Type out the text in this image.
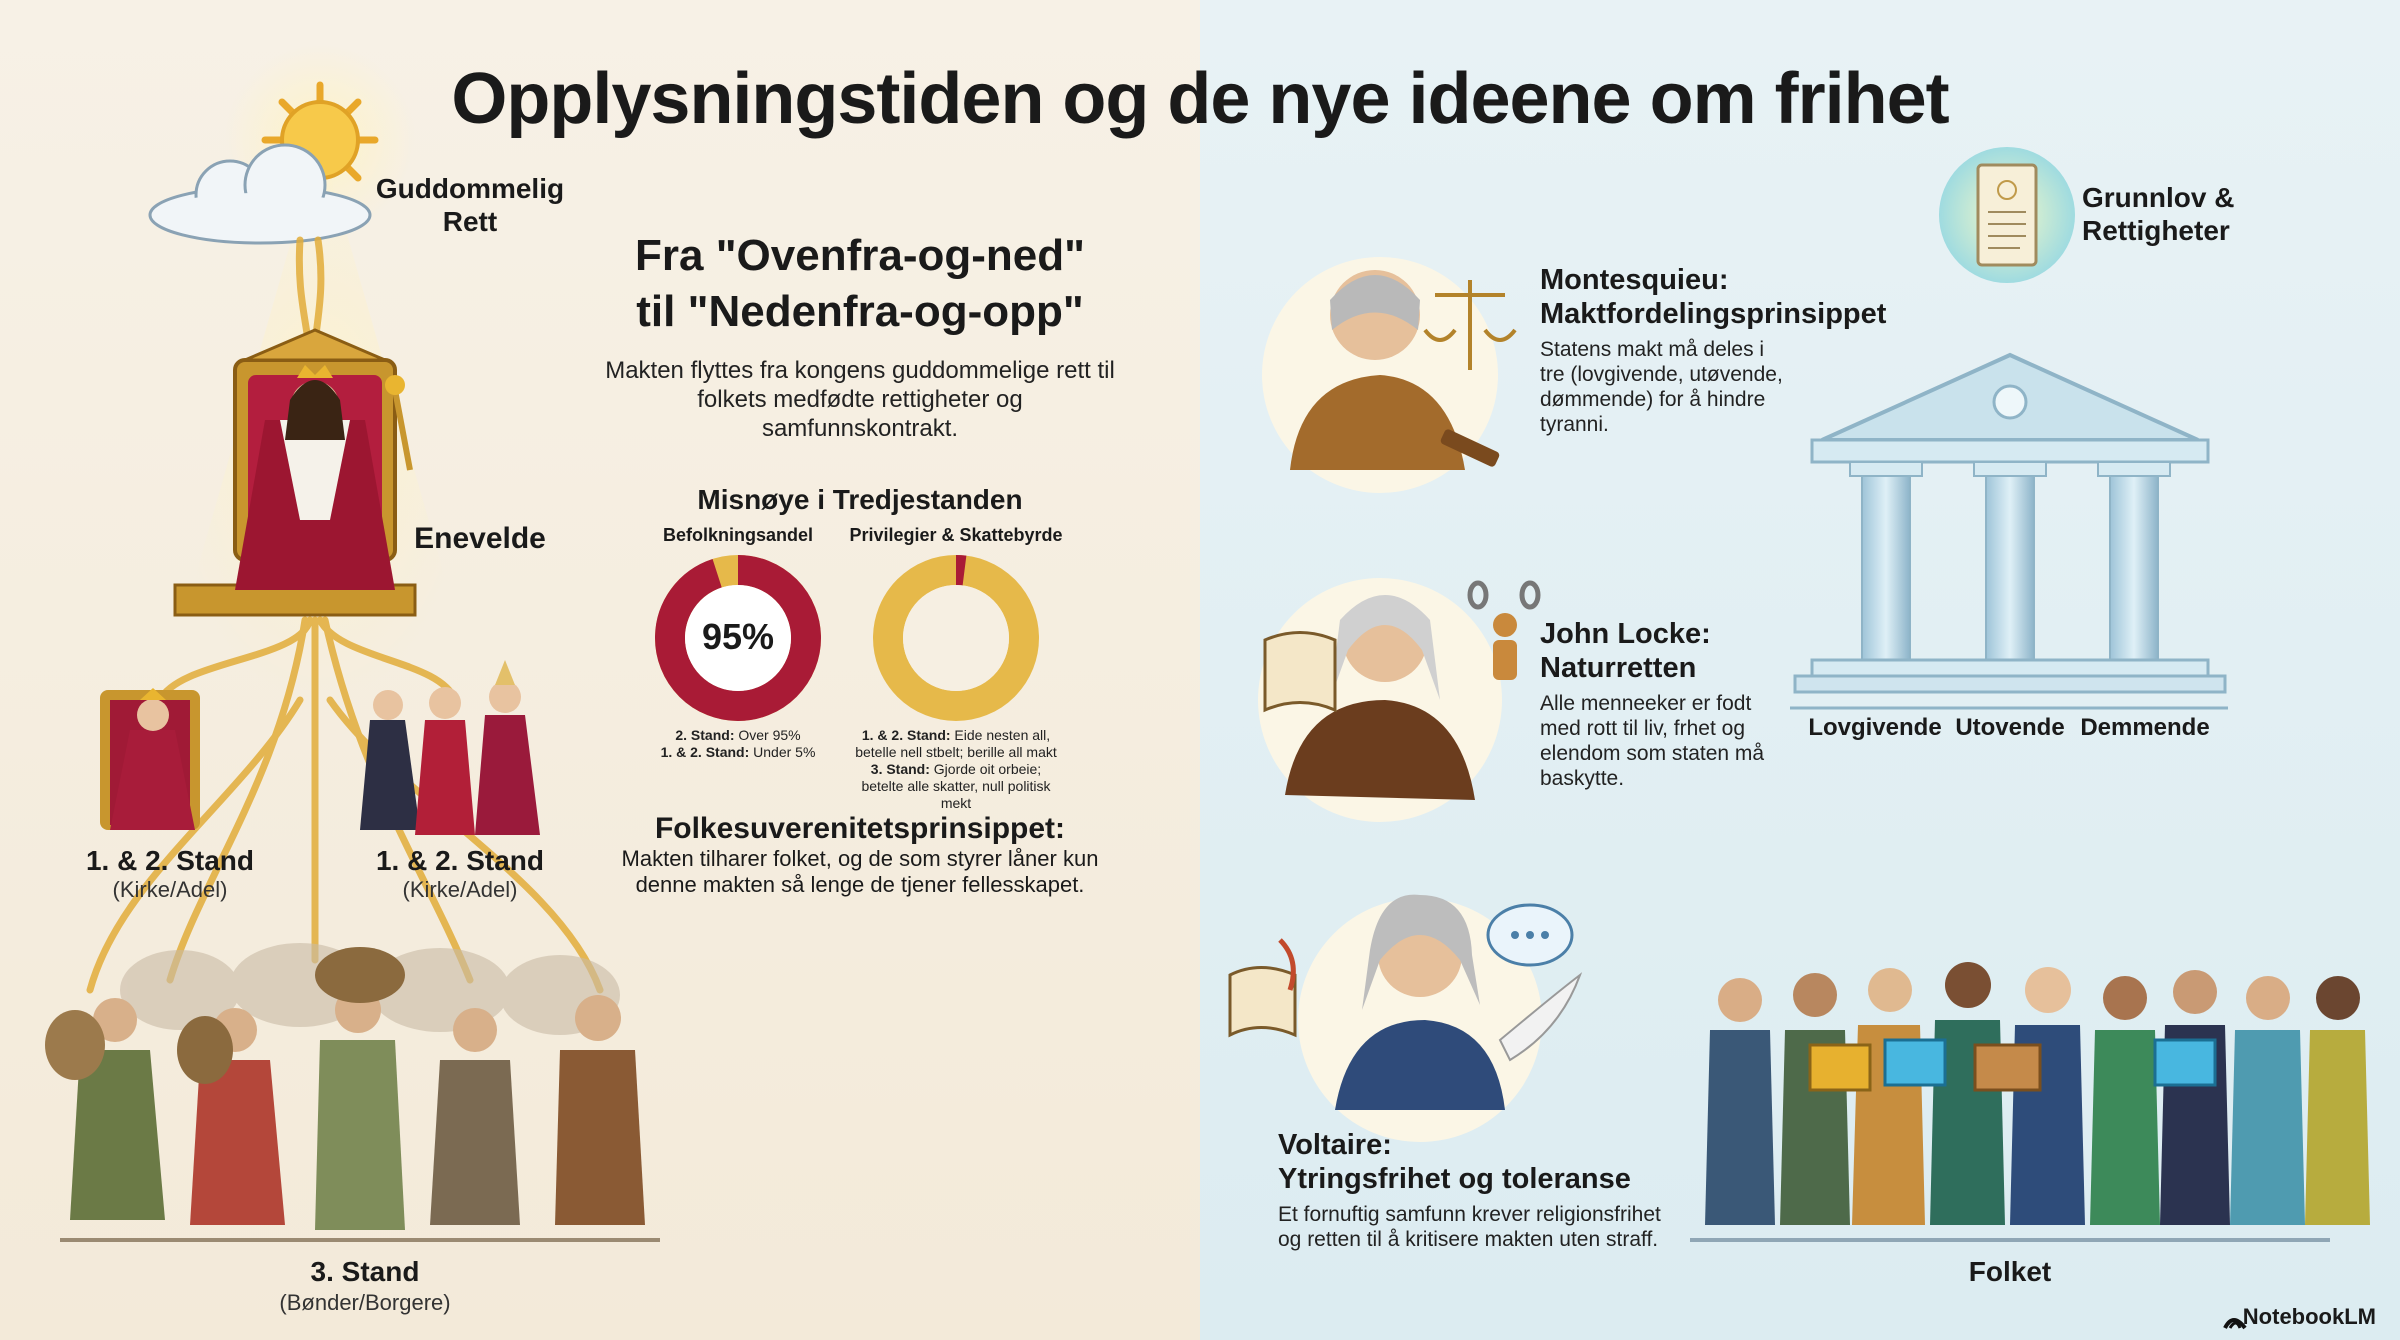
Opplysningstiden og de nye ideene om frihet
Guddommelig
Rett
Enevelde
1. & 2. Stand
(Kirke/Adel)
1. & 2. Stand
(Kirke/Adel)
3. Stand
(Bønder/Borgere)
Fra "Ovenfra-og-ned"
til "Nedenfra-og-opp"
Makten flyttes fra kongens guddommelige rett til folkets medfødte rettigheter og samfunnskontrakt.
Misnøye i Tredjestanden
Befolkningsandel
95%
2. Stand: Over 95%
1. & 2. Stand: Under 5%
Privilegier & Skattebyrde
1. & 2. Stand: Eide nesten all, betelle nell stbelt; berille all makt
3. Stand: Gjorde oit orbeie; betelte alle skatter, null politisk mekt
Folkesuverenitetsprinsippet:
Makten tilharer folket, og de som styrer låner kun denne makten så lenge de tjener fellesskapet.
Grunnlov &
Rettigheter
Montesquieu:
Maktfordelingsprinsippet
Statens makt må deles i tre (lovgivende, utøvende, dømmende) for å hindre tyranni.
John Locke:
Naturretten
Alle menneeker er fodt med rott til liv, frhet og elendom som staten må baskytte.
Voltaire:
Ytringsfrihet og toleranse
Et fornuftig samfunn krever religionsfrihet og retten til å kritisere makten uten straff.
Lovgivende Utovende Demmende
Folket
NotebookLM
